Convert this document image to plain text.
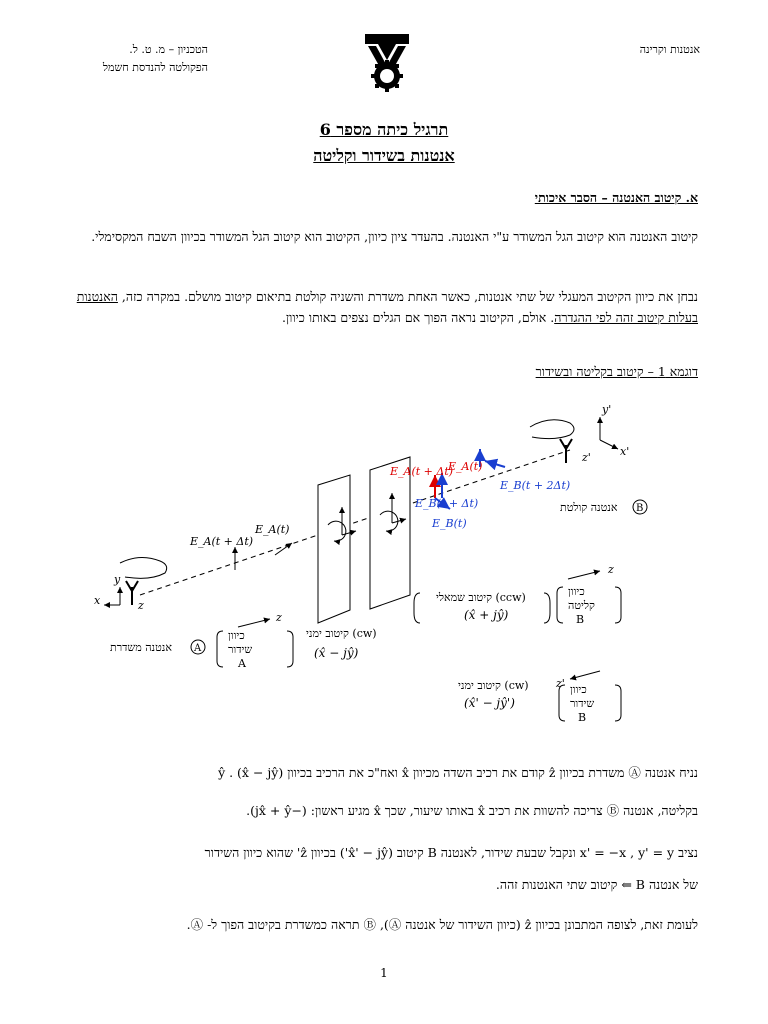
אנטנות וקרינה
הטכניון – מ. ט. ל.
הפקולטה להנדסת חשמל
תרגיל כיתה מספר 6
אנטנות בשידור וקליטה
א. קיטוב האנטנה – הסבר איכותי
קיטוב האנטנה הוא קיטוב הגל המשודר ע"י האנטנה. בהעדר ציון כיוון, הקיטוב הוא קיטוב הגל המשודר בכיוון השבח המקסימלי.
נבחן את כיוון הקיטוב המעגלי של שתי אנטנות, כאשר האחת משדרת והשניה קולטת בתיאום קיטוב מושלם. במקרה כזה, האנטנות בעלות קיטוב זהה לפי ההגדרה. אולם, הקיטוב נראה הפוך אם הגלים נצפים באותו כיוון.
דוגמא 1 – קיטוב בקליטה ובשידור
y
x	z
y'
x'
z'
E_A(t + Δt)
E_A(t)
E_A(t + Δt)
E_A(t)
E_B(t + Δt)
E_B(t)
E_B(t + 2Δt)
אנטנה משדרת A
אנטנה קולטת B
כיוון
שידור
A
קיטוב ימני (cw)
(x̂ − jŷ)
קיטוב שמאלי (ccw)
(x̂ + jŷ)
כיוון
קליטה
B
קיטוב ימני (cw)
(x̂' − jŷ')
כיוון
שידור
B
z
z
z'
נניח אנטנה Ⓐ משדרת בכיוון ẑ קודם את רכיב השדה מכיוון x̂ ואח"כ את הרכיב בכיוון ŷ . (x̂ − jŷ)
בקליטה, אנטנה Ⓑ צריכה להשוות את רכיב x̂ באותו שיעור, שכך x̂ מגיע ראשון: (−jx̂ + ŷ).
נציב x' = −x , y' = y ונקבל שבעת שידור, לאנטנה B קיטוב (x̂' − jŷ') בכיוון ẑ' שהוא כיוון השידור
של אנטנה B ⇐ קיטוב שתי האנטנות זהה.
לעומת זאת, לצופה המתבונן בכיוון ẑ (כיוון השידור של אנטנה Ⓐ), Ⓑ תראה כמשדרת בקיטוב הפוך ל- Ⓐ.
1
